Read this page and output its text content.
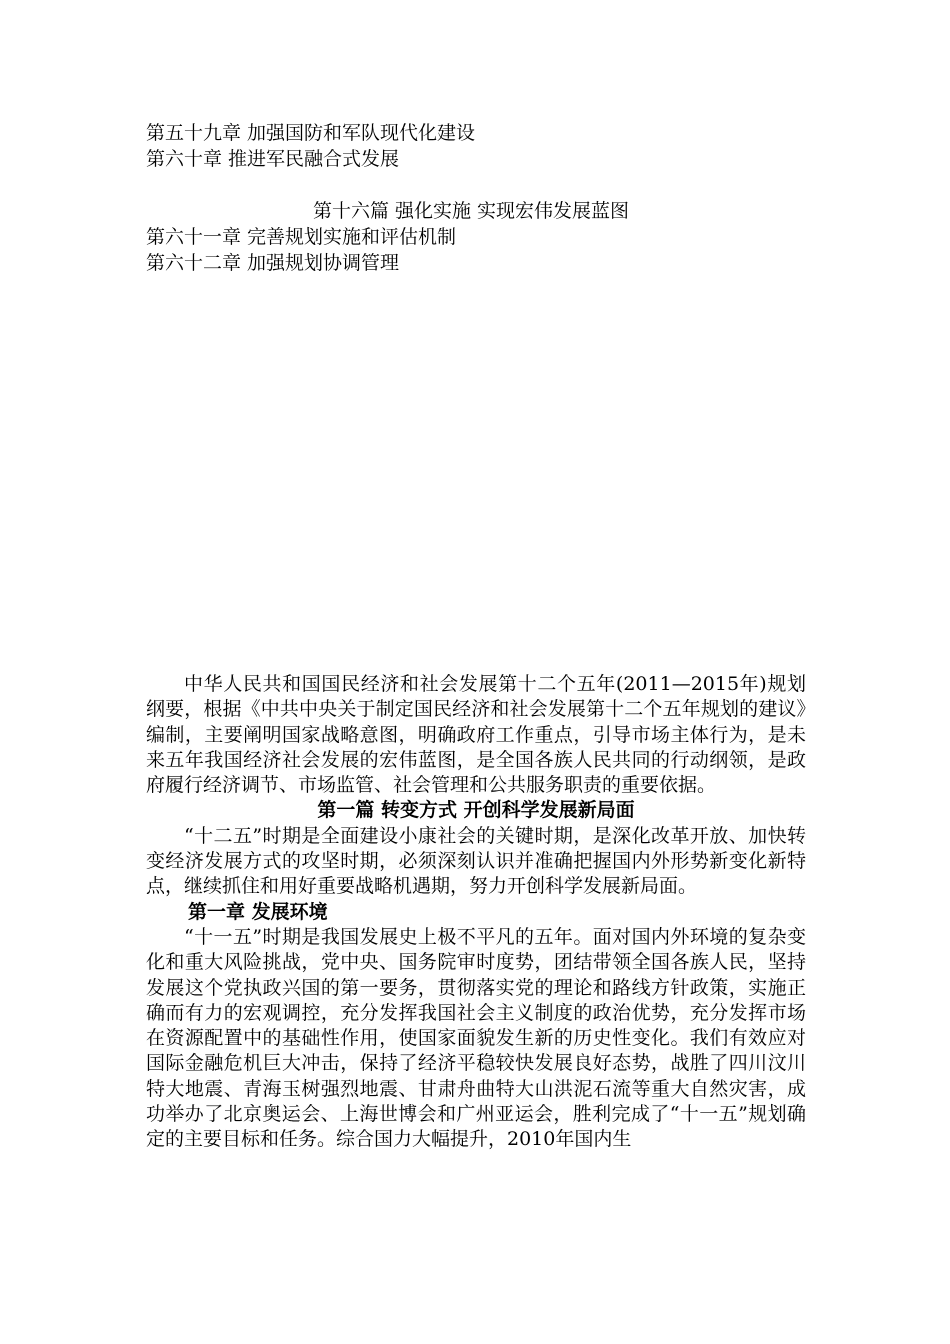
第五十九章 加强国防和军队现代化建设
第六十章 推进军民融合式发展
第十六篇 强化实施 实现宏伟发展蓝图
第六十一章 完善规划实施和评估机制
第六十二章 加强规划协调管理

中华人民共和国国民经济和社会发展第十二个五年(2011—2015年)规划纲要，根据《中共中央关于制定国民经济和社会发展第十二个五年规划的建议》编制，主要阐明国家战略意图，明确政府工作重点，引导市场主体行为，是未来五年我国经济社会发展的宏伟蓝图，是全国各族人民共同的行动纲领，是政府履行经济调节、市场监管、社会管理和公共服务职责的重要依据。

第一篇 转变方式 开创科学发展新局面

“十二五”时期是全面建设小康社会的关键时期，是深化改革开放、加快转变经济发展方式的攻坚时期，必须深刻认识并准确把握国内外形势新变化新特点，继续抓住和用好重要战略机遇期，努力开创科学发展新局面。

第一章 发展环境

“十一五”时期是我国发展史上极不平凡的五年。面对国内外环境的复杂变化和重大风险挑战，党中央、国务院审时度势，团结带领全国各族人民，坚持发展这个党执政兴国的第一要务，贯彻落实党的理论和路线方针政策，实施正确而有力的宏观调控，充分发挥我国社会主义制度的政治优势，充分发挥市场在资源配置中的基础性作用，使国家面貌发生新的历史性变化。我们有效应对国际金融危机巨大冲击，保持了经济平稳较快发展良好态势，战胜了四川汶川特大地震、青海玉树强烈地震、甘肃舟曲特大山洪泥石流等重大自然灾害，成功举办了北京奥运会、上海世博会和广州亚运会，胜利完成了“十一五”规划确定的主要目标和任务。综合国力大幅提升，2010年国内生
